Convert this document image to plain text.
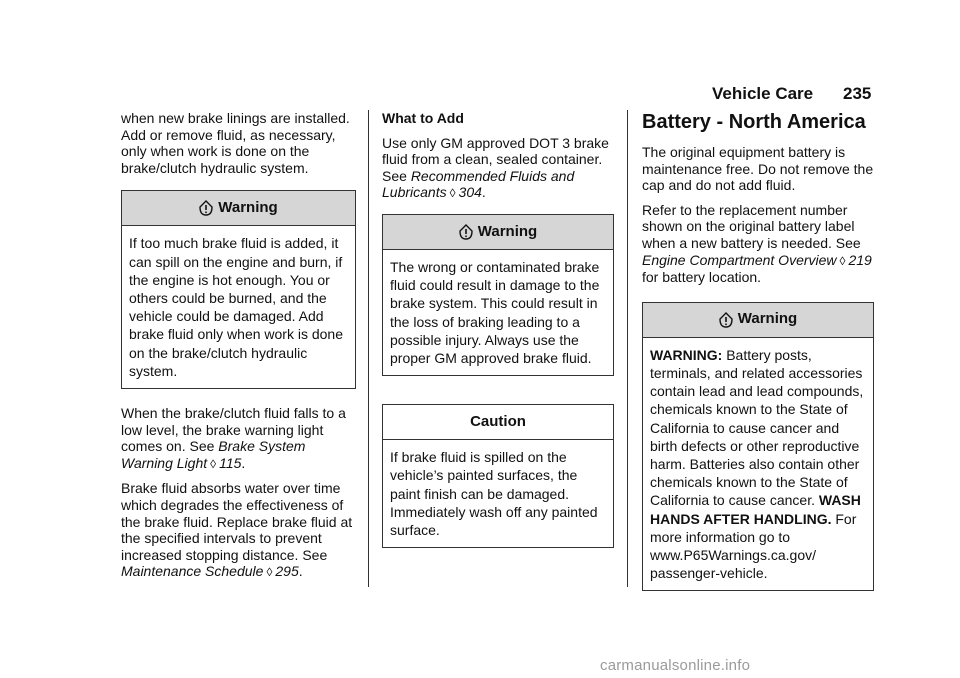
Vehicle Care 235

when new brake linings are installed. Add or remove fluid, as necessary, only when work is done on the brake/clutch hydraulic system.

Warning
If too much brake fluid is added, it can spill on the engine and burn, if the engine is hot enough. You or others could be burned, and the vehicle could be damaged. Add brake fluid only when work is done on the brake/clutch hydraulic system.

When the brake/clutch fluid falls to a low level, the brake warning light comes on. See Brake System Warning Light ◊ 115.

Brake fluid absorbs water over time which degrades the effectiveness of the brake fluid. Replace brake fluid at the specified intervals to prevent increased stopping distance. See Maintenance Schedule ◊ 295.

What to Add

Use only GM approved DOT 3 brake fluid from a clean, sealed container. See Recommended Fluids and Lubricants ◊ 304.

Warning
The wrong or contaminated brake fluid could result in damage to the brake system. This could result in the loss of braking leading to a possible injury. Always use the proper GM approved brake fluid.
Caution
If brake fluid is spilled on the vehicle’s painted surfaces, the paint finish can be damaged. Immediately wash off any painted surface.
Battery - North America

The original equipment battery is maintenance free. Do not remove the cap and do not add fluid.

Refer to the replacement number shown on the original battery label when a new battery is needed. See Engine Compartment Overview ◊ 219 for battery location.

Warning
WARNING: Battery posts, terminals, and related accessories contain lead and lead compounds, chemicals known to the State of California to cause cancer and birth defects or other reproductive harm. Batteries also contain other chemicals known to the State of California to cause cancer. WASH HANDS AFTER HANDLING. For more information go to www.P65Warnings.ca.gov/ passenger-vehicle.
carmanualsonline.info
